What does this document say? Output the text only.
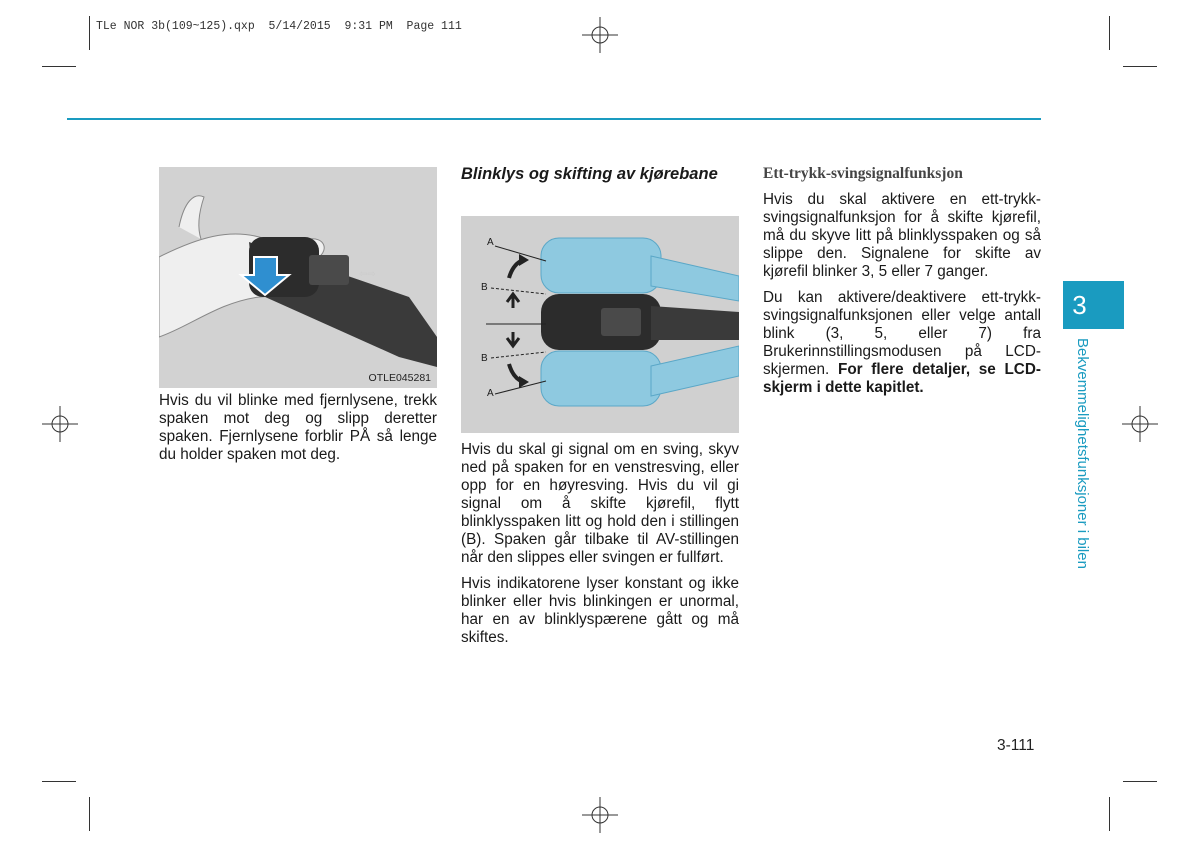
TLe NOR 3b(109~125).qxp  5/14/2015  9:31 PM  Page 111
⇦⇨
OTLE045281

Hvis du vil blinke med fjernlysene, trekk spaken mot deg og slipp deretter spaken. Fjernlysene forblir PÅ så lenge du holder spaken mot deg.

Blinklys og skifting av kjørebane

A
B
B
A

Hvis du skal gi signal om en sving, skyv ned på spaken for en venstresving, eller opp for en høyresving. Hvis du vil gi signal om å skifte kjørefil, flytt blinklysspaken litt og hold den i stillingen (B). Spaken går tilbake til AV-stillingen når den slippes eller svingen er fullført.

Hvis indikatorene lyser konstant og ikke blinker eller hvis blinkingen er unormal, har en av blinklyspærene gått og må skiftes.

Ett-trykk-svingsignalfunksjon

Hvis du skal aktivere en ett-trykk-svingsignalfunksjon for å skifte kjørefil, må du skyve litt på blinklysspaken og så slippe den. Signalene for skifte av kjørefil blinker 3, 5 eller 7 ganger.

Du kan aktivere/deaktivere ett-trykk-svingsignalfunksjonen eller velge antall blink (3, 5, eller 7) fra Brukerinnstillingsmodusen på LCD-skjermen. For flere detaljer, se LCD-skjerm i dette kapitlet.

3
Bekvemmelighetsfunksjoner i bilen
3-111
